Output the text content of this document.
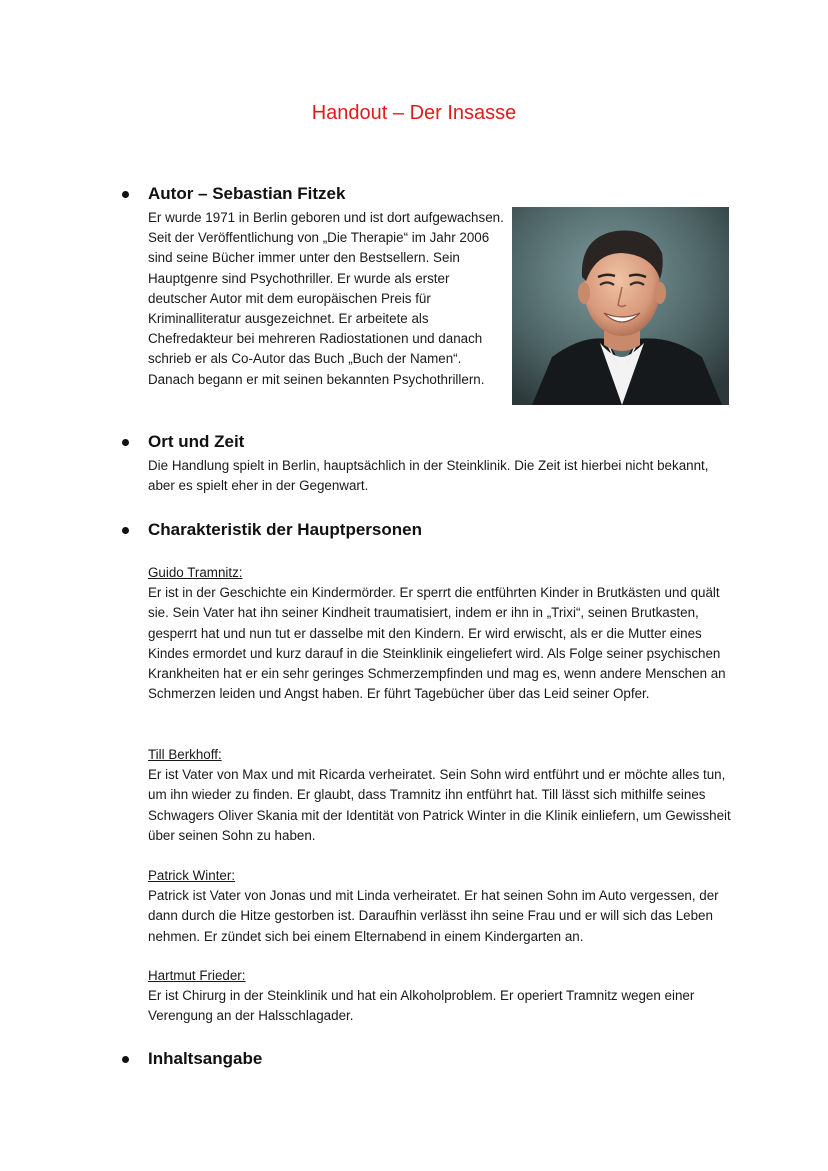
Handout – Der Insasse
Autor – Sebastian Fitzek
Er wurde 1971 in Berlin geboren und ist dort aufgewachsen. Seit der Veröffentlichung von „Die Therapie“ im Jahr 2006 sind seine Bücher immer unter den Bestsellern. Sein Hauptgenre sind Psychothriller. Er wurde als erster deutscher Autor mit dem europäischen Preis für Kriminalliteratur ausgezeichnet. Er arbeitete als Chefredakteur bei mehreren Radiostationen und danach schrieb er als Co-Autor das Buch „Buch der Namen“. Danach begann er mit seinen bekannten Psychothrillern.
Ort und Zeit
Die Handlung spielt in Berlin, hauptsächlich in der Steinklinik. Die Zeit ist hierbei nicht bekannt, aber es spielt eher in der Gegenwart.
Charakteristik der Hauptpersonen
Guido Tramnitz:
Er ist in der Geschichte ein Kindermörder. Er sperrt die entführten Kinder in Brutkästen und quält sie. Sein Vater hat ihn seiner Kindheit traumatisiert, indem er ihn in „Trixi“, seinen Brutkasten, gesperrt hat und nun tut er dasselbe mit den Kindern. Er wird erwischt, als er die Mutter eines Kindes ermordet und kurz darauf in die Steinklinik eingeliefert wird. Als Folge seiner psychischen Krankheiten hat er ein sehr geringes Schmerzempfinden und mag es, wenn andere Menschen an Schmerzen leiden und Angst haben. Er führt Tagebücher über das Leid seiner Opfer.
Till Berkhoff:
Er ist Vater von Max und mit Ricarda verheiratet. Sein Sohn wird entführt und er möchte alles tun, um ihn wieder zu finden. Er glaubt, dass Tramnitz ihn entführt hat. Till lässt sich mithilfe seines Schwagers Oliver Skania mit der Identität von Patrick Winter in die Klinik einliefern, um Gewissheit über seinen Sohn zu haben.
Patrick Winter:
Patrick ist Vater von Jonas und mit Linda verheiratet. Er hat seinen Sohn im Auto vergessen, der dann durch die Hitze gestorben ist. Daraufhin verlässt ihn seine Frau und er will sich das Leben nehmen. Er zündet sich bei einem Elternabend in einem Kindergarten an.
Hartmut Frieder:
Er ist Chirurg in der Steinklinik und hat ein Alkoholproblem. Er operiert Tramnitz wegen einer Verengung an der Halsschlagader.
Inhaltsangabe
